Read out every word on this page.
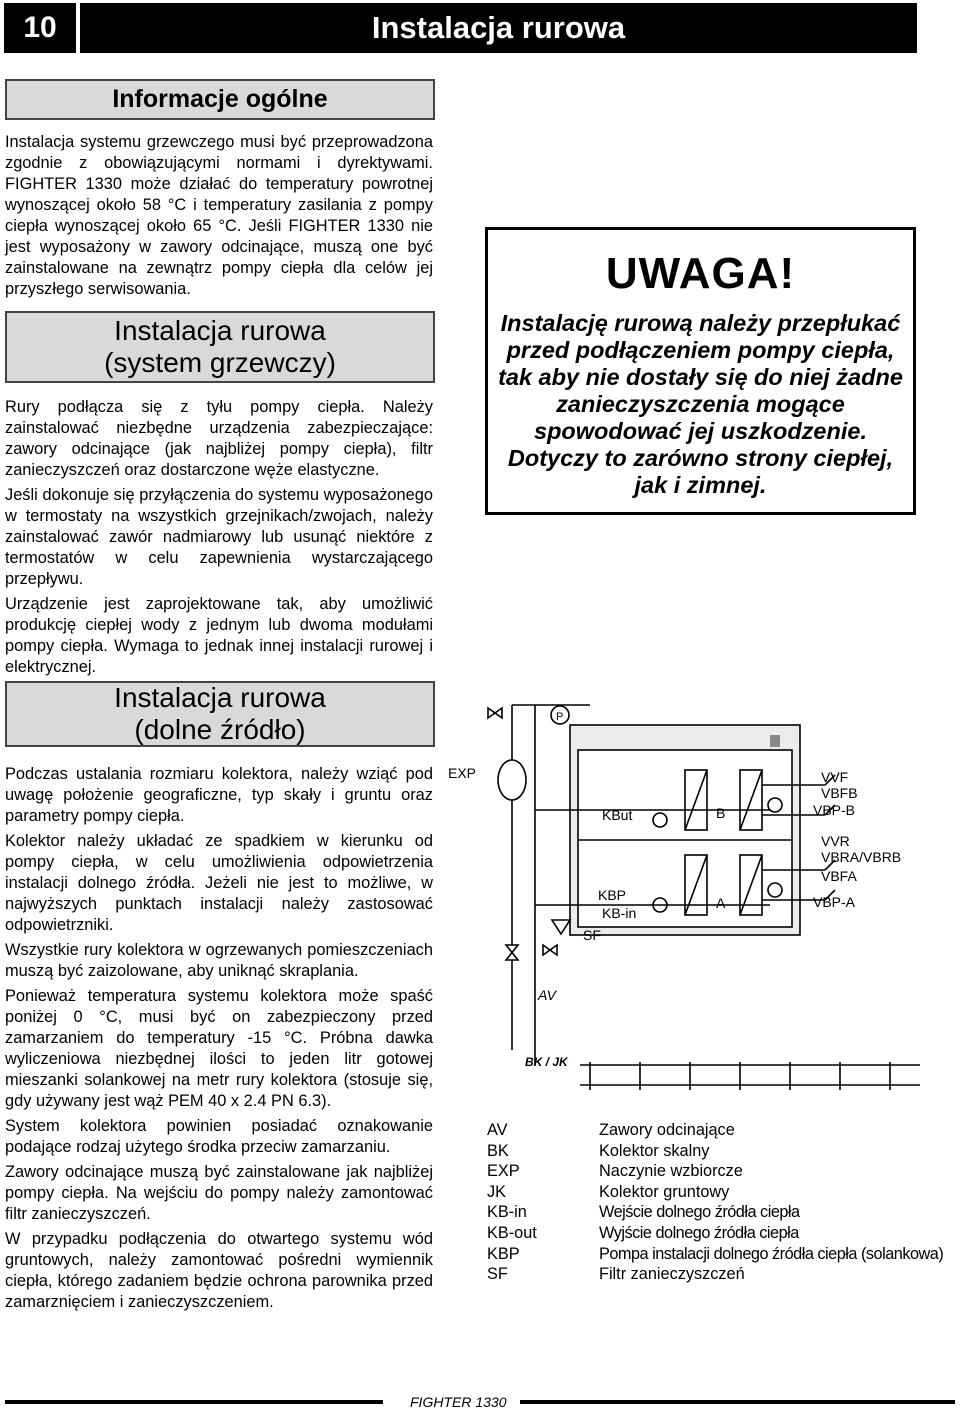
10	Instalacja rurowa
Informacje ogólne

Instalacja systemu grzewczego musi być przeprowadzona zgodnie z obowiązującymi normami i dyrektywami. FIGHTER 1330 może działać do temperatury powrotnej wynoszącej około 58 °C i temperatury zasilania z pompy ciepła wynoszącej około 65 °C. Jeśli FIGHTER 1330 nie jest wyposażony w zawory odcinające, muszą one być zainstalowane na zewnątrz pompy ciepła dla celów jej przyszłego serwisowania.

Instalacja rurowa
(system grzewczy)

Rury podłącza się z tyłu pompy ciepła. Należy zainstalować niezbędne urządzenia zabezpieczające: zawory odcinające (jak najbliżej pompy ciepła), filtr zanieczyszczeń oraz dostarczone węże elastyczne.

Jeśli dokonuje się przyłączenia do systemu wyposażonego w termostaty na wszystkich grzejnikach/zwojach, należy zainstalować zawór nadmiarowy lub usunąć niektóre z termostatów w celu zapewnienia wystarczającego przepływu.

Urządzenie jest zaprojektowane tak, aby umożliwić produkcję ciepłej wody z jednym lub dwoma modułami pompy ciepła. Wymaga to jednak innej instalacji rurowej i elektrycznej.

Instalacja rurowa
(dolne źródło)

Podczas ustalania rozmiaru kolektora, należy wziąć pod uwagę położenie geograficzne, typ skały i gruntu oraz parametry pompy ciepła.

Kolektor należy układać ze spadkiem w kierunku od pompy ciepła, w celu umożliwienia odpowietrzenia instalacji dolnego źródła. Jeżeli nie jest to możliwe, w najwyższych punktach instalacji należy zastosować odpowietrzniki.

Wszystkie rury kolektora w ogrzewanych pomieszczeniach muszą być zaizolowane, aby uniknąć skraplania.

Ponieważ temperatura systemu kolektora może spaść poniżej 0 °C, musi być on zabezpieczony przed zamarzaniem do temperatury -15 °C. Próbna dawka wyliczeniowa niezbędnej ilości to jeden litr gotowej mieszanki solankowej na metr rury kolektora (stosuje się, gdy używany jest wąż PEM 40 x 2.4 PN 6.3).

System kolektora powinien posiadać oznakowanie podające rodzaj użytego środka przeciw zamarzaniu.

Zawory odcinające muszą być zainstalowane jak najbliżej pompy ciepła. Na wejściu do pompy należy zamontować filtr zanieczyszczeń.

W przypadku podłączenia do otwartego systemu wód gruntowych, należy zamontować pośredni wymiennik ciepła, którego zadaniem będzie ochrona parownika przed zamarznięciem i zanieczyszczeniem.

UWAGA!
Instalację rurową należy przepłukać przed podłączeniem pompy ciepła, tak aby nie dostały się do niej żadne zanieczyszczenia mogące spowodować jej uszkodzenie. Dotyczy to zarówno strony ciepłej, jak i zimnej.
EXP
P
KBut	B
A
KBP
KB-in
SF
AV
BK / JK
VVF
VBFB
VBP-B
VVR
VBRA/VBRB
VBFA
VBP-A
AV	Zawory odcinające
BK	Kolektor skalny
EXP	Naczynie wzbiorcze
JK	Kolektor gruntowy
KB-in	Wejście dolnego źródła ciepła
KB-out	Wyjście dolnego źródła ciepła
KBP	Pompa instalacji dolnego źródła ciepła (solankowa)
SF	Filtr zanieczyszczeń
FIGHTER 1330
